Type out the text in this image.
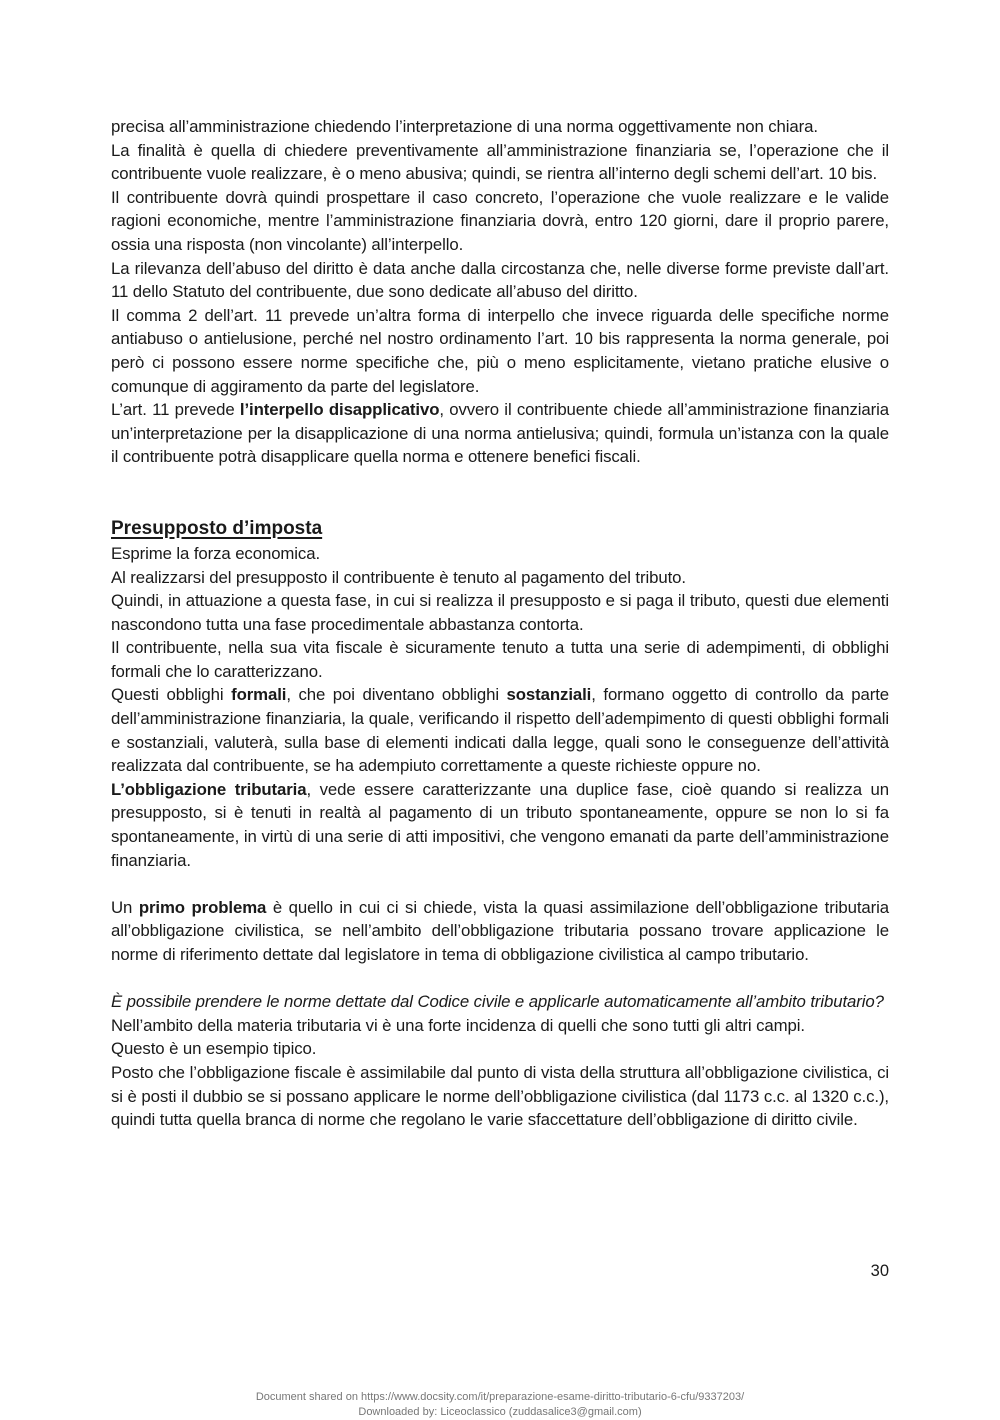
precisa all’amministrazione chiedendo l’interpretazione di una norma oggettivamente non chiara.

La finalità è quella di chiedere preventivamente all’amministrazione finanziaria se, l’operazione che il contribuente vuole realizzare, è o meno abusiva; quindi, se rientra all’interno degli schemi dell’art. 10 bis.

Il contribuente dovrà quindi prospettare il caso concreto, l’operazione che vuole realizzare e le valide ragioni economiche, mentre l’amministrazione finanziaria dovrà, entro 120 giorni, dare il proprio parere, ossia una risposta (non vincolante) all’interpello.

La rilevanza dell’abuso del diritto è data anche dalla circostanza che, nelle diverse forme previste dall’art. 11 dello Statuto del contribuente, due sono dedicate all’abuso del diritto.

Il comma 2 dell’art. 11 prevede un’altra forma di interpello che invece riguarda delle specifiche norme antiabuso o antielusione, perché nel nostro ordinamento l’art. 10 bis rappresenta la norma generale, poi però ci possono essere norme specifiche che, più o meno esplicitamente, vietano pratiche elusive o comunque di aggiramento da parte del legislatore.

L’art. 11 prevede l’interpello disapplicativo, ovvero il contribuente chiede all’amministrazione finanziaria un’interpretazione per la disapplicazione di una norma antielusiva; quindi, formula un’istanza con la quale il contribuente potrà disapplicare quella norma e ottenere benefici fiscali.

Presupposto d’imposta

Esprime la forza economica.

Al realizzarsi del presupposto il contribuente è tenuto al pagamento del tributo.

Quindi, in attuazione a questa fase, in cui si realizza il presupposto e si paga il tributo, questi due elementi nascondono tutta una fase procedimentale abbastanza contorta.

Il contribuente, nella sua vita fiscale è sicuramente tenuto a tutta una serie di adempimenti, di obblighi formali che lo caratterizzano.

Questi obblighi formali, che poi diventano obblighi sostanziali, formano oggetto di controllo da parte dell’amministrazione finanziaria, la quale, verificando il rispetto dell’adempimento di questi obblighi formali e sostanziali, valuterà, sulla base di elementi indicati dalla legge, quali sono le conseguenze dell’attività realizzata dal contribuente, se ha adempiuto correttamente a queste richieste oppure no.

L’obbligazione tributaria, vede essere caratterizzante una duplice fase, cioè quando si realizza un presupposto, si è tenuti in realtà al pagamento di un tributo spontaneamente, oppure se non lo si fa spontaneamente, in virtù di una serie di atti impositivi, che vengono emanati da parte dell’amministrazione finanziaria.

Un primo problema è quello in cui ci si chiede, vista la quasi assimilazione dell’obbligazione tributaria all’obbligazione civilistica, se nell’ambito dell’obbligazione tributaria possano trovare applicazione le norme di riferimento dettate dal legislatore in tema di obbligazione civilistica al campo tributario.

È possibile prendere le norme dettate dal Codice civile e applicarle automaticamente all’ambito tributario?

Nell’ambito della materia tributaria vi è una forte incidenza di quelli che sono tutti gli altri campi.

Questo è un esempio tipico.

Posto che l’obbligazione fiscale è assimilabile dal punto di vista della struttura all’obbligazione civilistica, ci si è posti il dubbio se si possano applicare le norme dell’obbligazione civilistica (dal 1173 c.c. al 1320 c.c.), quindi tutta quella branca di norme che regolano le varie sfaccettature dell’obbligazione di diritto civile.

30
Document shared on https://www.docsity.com/it/preparazione-esame-diritto-tributario-6-cfu/9337203/
Downloaded by: Liceoclassico (zuddasalice3@gmail.com)
